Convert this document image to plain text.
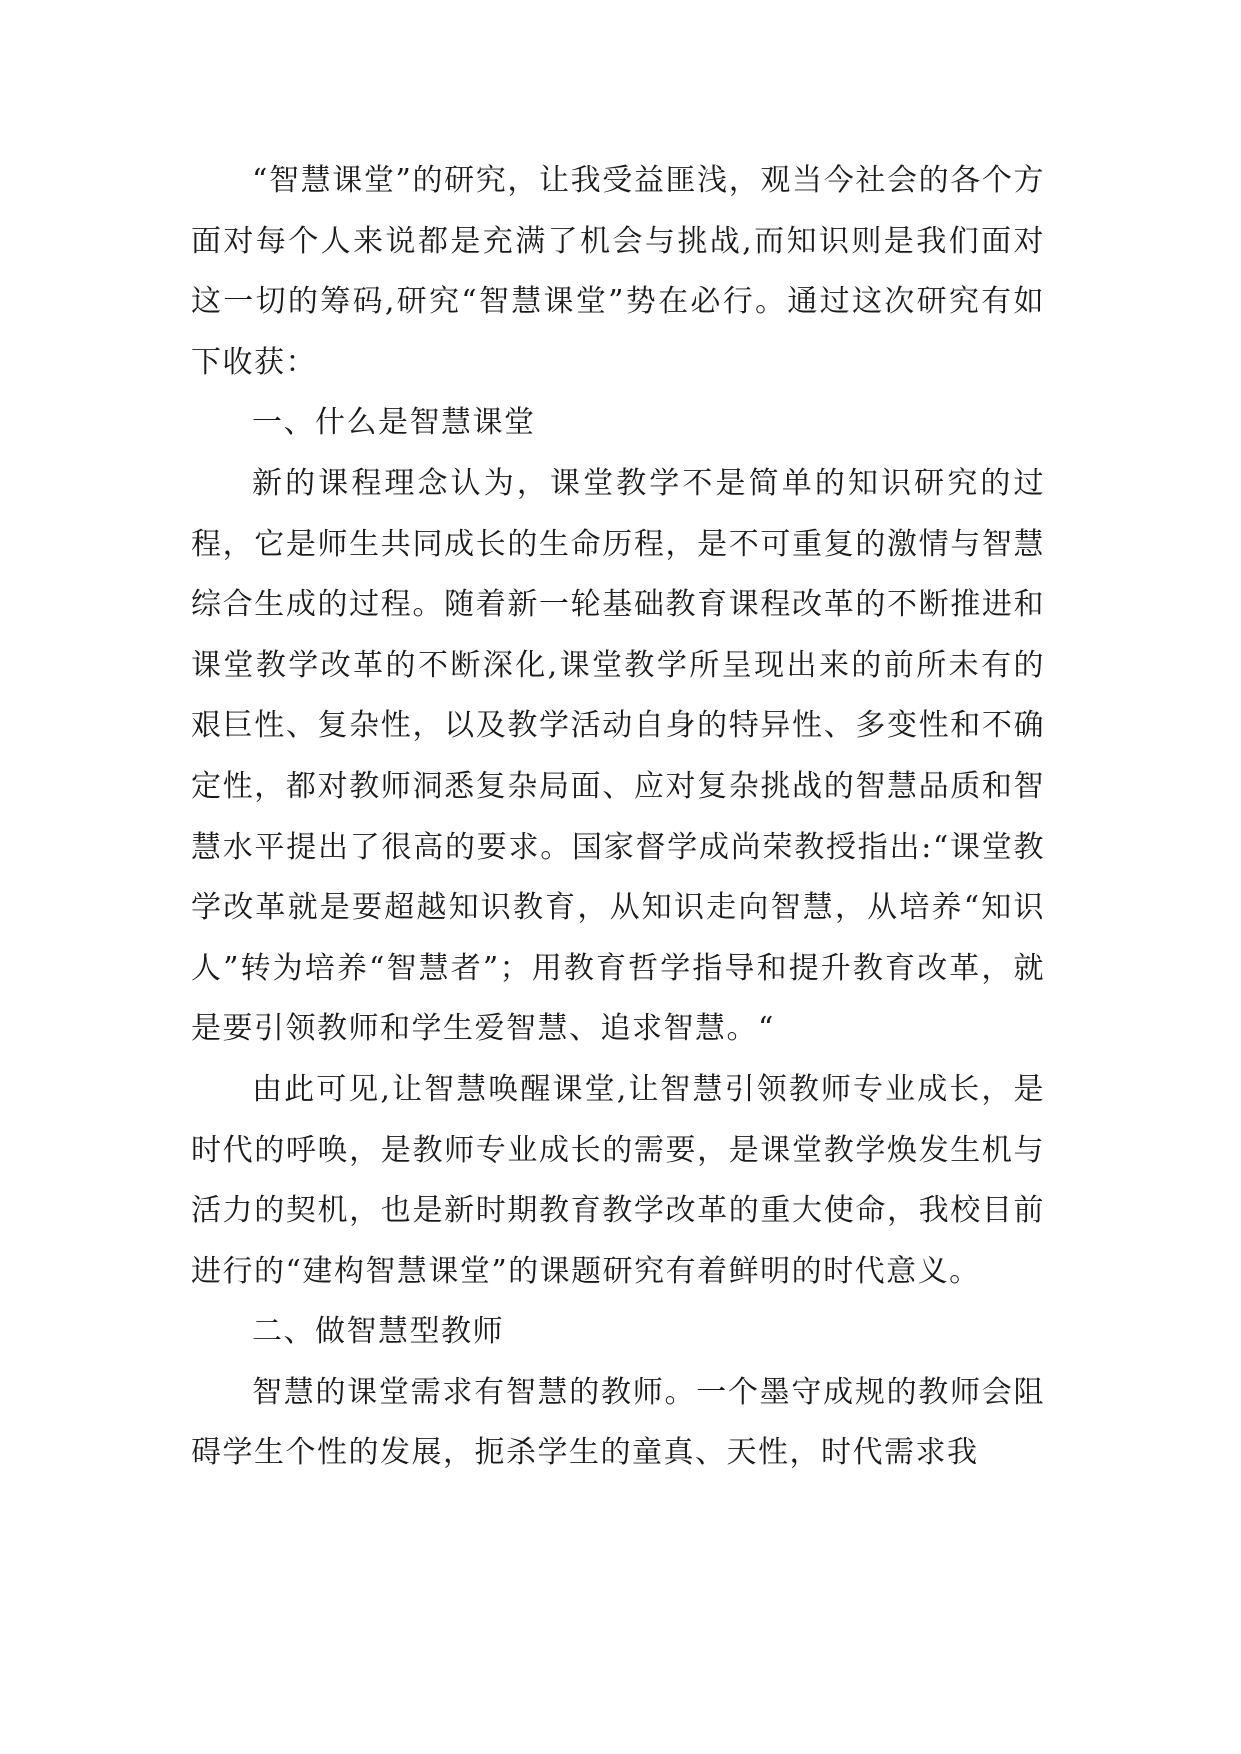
“智慧课堂”的研究，让我受益匪浅，观当今社会的各个方面对每个人来说都是充满了机会与挑战,而知识则是我们面对这一切的筹码,研究“智慧课堂”势在必行。通过这次研究有如下收获：

一、什么是智慧课堂

新的课程理念认为，课堂教学不是简单的知识研究的过程，它是师生共同成长的生命历程，是不可重复的激情与智慧综合生成的过程。随着新一轮基础教育课程改革的不断推进和课堂教学改革的不断深化,课堂教学所呈现出来的前所未有的艰巨性、复杂性，以及教学活动自身的特异性、多变性和不确定性，都对教师洞悉复杂局面、应对复杂挑战的智慧品质和智慧水平提出了很高的要求。国家督学成尚荣教授指出:“课堂教学改革就是要超越知识教育，从知识走向智慧，从培养“知识人”转为培养“智慧者”；用教育哲学指导和提升教育改革，就是要引领教师和学生爱智慧、追求智慧。“

由此可见,让智慧唤醒课堂,让智慧引领教师专业成长，是时代的呼唤，是教师专业成长的需要，是课堂教学焕发生机与活力的契机，也是新时期教育教学改革的重大使命，我校目前进行的“建构智慧课堂”的课题研究有着鲜明的时代意义。

二、做智慧型教师

智慧的课堂需求有智慧的教师。一个墨守成规的教师会阻碍学生个性的发展，扼杀学生的童真、天性，时代需求我
